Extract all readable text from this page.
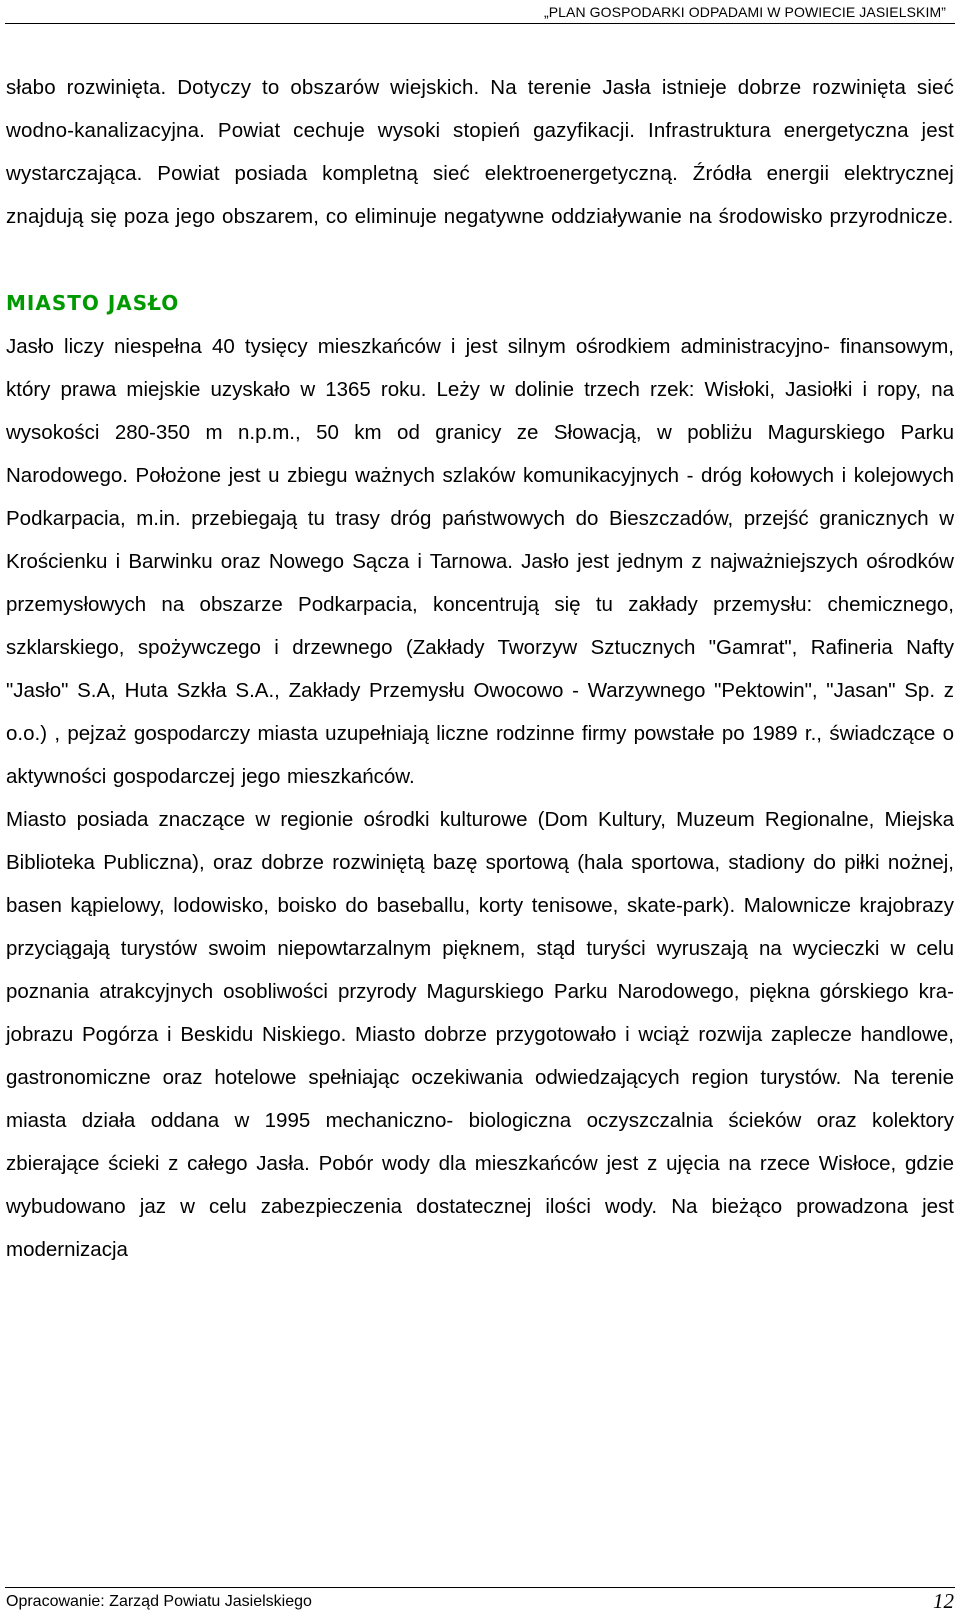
„PLAN GOSPODARKI ODPADAMI W POWIECIE JASIELSKIM”

słabo rozwinięta. Dotyczy to obszarów wiejskich. Na terenie Jasła istnieje dobrze rozwinięta sieć wodno-kanalizacyjna. Powiat cechuje wysoki stopień gazyfikacji. Infrastruktura energetyczna jest wystarczająca. Powiat posiada kompletną sieć elektroenergetyczną. Źródła energii elektrycznej znajdują się poza jego obszarem, co eliminuje negatywne oddziaływanie na środowisko przyrodnicze.

MIASTO JASŁO

Jasło liczy niespełna 40 tysięcy mieszkańców i jest silnym ośrodkiem administracyjno- finansowym, który prawa miejskie uzyskało w 1365 roku. Leży w dolinie trzech rzek: Wisłoki, Jasiołki i ropy, na wysokości 280-350 m n.p.m., 50 km od granicy ze Słowacją, w pobliżu Magurskiego Parku Narodowego. Położone jest u zbiegu ważnych szlaków komunikacyjnych - dróg kołowych i kolejowych Podkarpacia, m.in. przebiegają tu trasy dróg państwowych do Bieszczadów, przejść granicznych w Krościenku i Barwinku oraz Nowego Sącza i Tarnowa. Jasło jest jednym z najważniejszych ośrodków przemysłowych na obszarze Podkarpacia, koncentrują się tu zakłady przemysłu: chemicznego, szklarskiego, spożywczego i drzewnego (Zakłady Tworzyw Sztucznych "Gamrat", Rafineria Nafty "Jasło" S.A, Huta Szkła S.A., Zakłady Przemysłu Owocowo - Warzywnego "Pektowin", "Jasan" Sp. z o.o.) , pejzaż gospodarczy miasta uzupełniają liczne rodzinne firmy powstałe po 1989 r., świadczące o aktywności gospodarczej jego mieszkańców.

Miasto posiada znaczące w regionie ośrodki kulturowe (Dom Kultury, Muzeum Regionalne, Miejska Biblioteka Publiczna), oraz dobrze rozwiniętą bazę sportową (hala sportowa, stadiony do piłki nożnej, basen kąpielowy, lodowisko, boisko do baseballu, korty tenisowe, skate-park). Malownicze krajobrazy przyciągają turystów swoim niepowtarzalnym pięknem, stąd turyści wyruszają na wycieczki w celu poznania atrakcyjnych osobliwości przyrody Magurskiego Parku Narodowego, piękna górskiego krajobrazu Pogórza i Beskidu Niskiego. Miasto dobrze przygotowało i wciąż rozwija zaplecze handlowe, gastronomiczne oraz hotelowe spełniając oczekiwania odwiedzających region turystów. Na terenie miasta działa oddana w 1995 mechaniczno- biologiczna oczyszczalnia ścieków oraz kolektory zbierające ścieki z całego Jasła. Pobór wody dla mieszkańców jest z ujęcia na rzece Wisłoce, gdzie wybudowano jaz w celu zabezpieczenia dostatecznej ilości wody. Na bieżąco prowadzona jest modernizacja

Opracowanie: Zarząd Powiatu Jasielskiego	12
